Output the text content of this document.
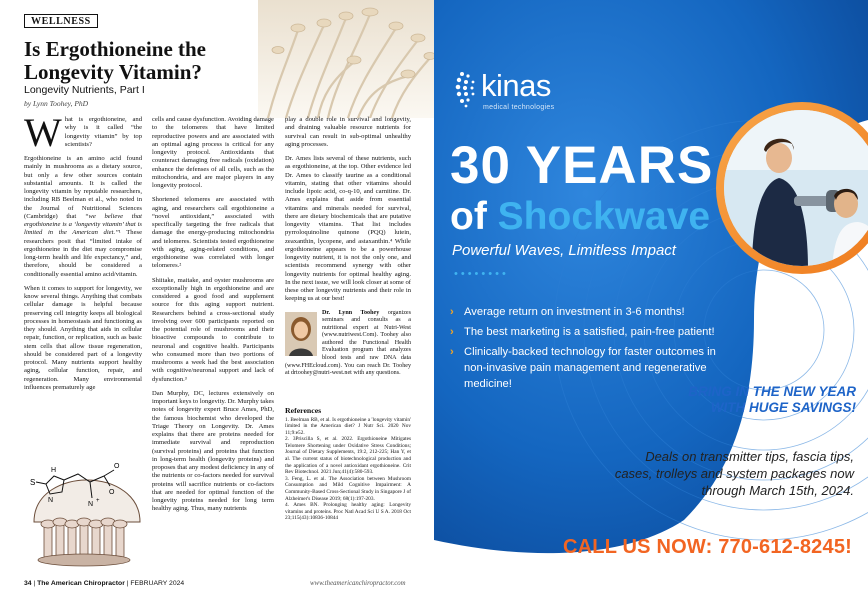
WELLNESS
Is Ergothioneine the Longevity Vitamin?
Longevity Nutrients, Part I
by Lynn Toohey, PhD

What is ergothioneine, and why is it called “the longevity vitamin” by top scientists?

Ergothioneine is an amino acid found mainly in mushrooms as a dietary source, but only a few other sources contain substantial amounts. It is called the longevity vitamin by reputable researchers, including RB Beelman et al., who noted in the Journal of Nutritional Sciences (Cambridge) that “we believe that ergothioneine is a ‘longevity vitamin’ that is limited in the American diet.”¹ These researchers posit that “limited intake of ergothioneine in the diet may compromise long-term health and life expectancy,” and, therefore, should be considered a conditionally essential amino acid/vitamin.

When it comes to support for longevity, we know several things. Anything that combats cellular damage is helpful because preserving cell integrity keeps all biological processes in homeostasis and functioning as they should. Anything that aids in cellular repair, function, or replication, such as basic stem cells that allow tissue regeneration, should be considered part of a longevity protocol. Many nutrients support healthy aging, cellular function, repair, and regeneration. Many environmental influences prematurely age

cells and cause dysfunction. Avoiding damage to the telomeres that have limited reproductive powers and are associated with an optimal aging process is critical for any longevity protocol. Antioxidants that counteract damaging free radicals (oxidation) enhance the defenses of all cells, such as the mitochondria, and are major players in any longevity protocol.

Shortened telomeres are associated with aging, and researchers call ergothioneine a “novel antioxidant,” associated with specifically targeting the free radicals that damage the energy-producing mitochondria and telomeres. Scientists tested ergothioneine with aging, aging-related conditions, and ergothioneine was correlated with longer telomeres.²

Shiitake, maitake, and oyster mushrooms are exceptionally high in ergothioneine and are considered a good food and supplement source for this aging support nutrient. Researchers behind a cross-sectional study involving over 600 participants reported on the potential role of mushrooms and their bioactive compounds to contribute to neuronal and cognitive health. Participants who consumed more than two portions of mushrooms a week had the best association with cognitive/neuronal support and lack of dysfunction.³

Dan Murphy, DC, lectures extensively on important keys to longevity. Dr. Murphy takes notes of longevity expert Bruce Ames, PhD, the famous biochemist who developed the Triage Theory on Longevity. Dr. Ames explains that there are proteins needed for immediate survival and reproduction (survival proteins) and proteins that function in long-term health (longevity proteins) and proposes that any modest deficiency in any of the nutrients or co-factors needed for survival proteins will sacrifice nutrients or co-factors that are needed for optimal function of the longevity proteins needed for long term healthy aging. Thus, many nutrients

play a double role in survival and longevity, and draining valuable resource nutrients for survival can result in sub-optimal unhealthy aging processes.

Dr. Ames lists several of these nutrients, such as ergothioneine, at the top. Other evidence led Dr. Ames to classify taurine as a conditional vitamin, stating that other vitamins should include lipoic acid, co-q-10, and carnitine. Dr. Ames explains that aside from essential vitamins and minerals needed for survival, there are dietary biochemicals that are putative longevity vitamins. That list includes pyrroloquinoline quinone (PQQ) lutein, zeaxanthin, lycopene, and astaxanthin.⁴ While ergothioneine appears to be a powerhouse longevity nutrient, it is not the only one, and scientists recommend synergy with other longevity nutrients for optimal healthy aging. In the next issue, we will look closer at some of these other longevity nutrients and their role in keeping us at our best!

Dr. Lynn Toohey organizes seminars and consults as a nutritional expert at Nutri-West (www.nutriwest.Com). Toohey also authored the Functional Health Evaluation program that analyzes blood tests and raw DNA data (www.FHEcloud.com). You can reach Dr. Toohey at drtoohey@nutri-west.net with any questions.
References
1. Beelman RB, et al. Is ergothioneine a 'longevity vitamin' limited in the American diet? J Nutr Sci. 2020 Nov 11;9:e52.
2. 3Priscilla S, et al. 2022. Ergothioneine Mitigates Telomere Shortening under Oxidative Stress Conditions; Journal of Dietary Supplements, 19:2, 212-225; Han Y, et al. The current status of biotechnological production and the application of a novel antioxidant ergothioneine. Crit Rev Biotechnol. 2021 Jun;41(4):580-593.
3. Feng, L. et al. The Association between Mushroom Consumption and Mild Cognitive Impairment: A Community-Based Cross-Sectional Study in Singapore J of Alzheimer's Disease 2019; 68(1):197-203.
4. Ames BN. Prolonging healthy aging: Longevity vitamins and proteins. Proc Natl Acad Sci U S A. 2018 Oct 23;115(43):10836-10844
S
H
N
O
O
N +
34 | The American Chiropractor | FEBRUARY 2024	www.theamericanchiropractor.com
kinas
medical technologies
30 YEARS
of Shockwave
Powerful Waves, Limitless Impact
••••••••
› Average return on investment in 3-6 months!
› The best marketing is a satisfied, pain-free patient!
› Clinically-backed technology for faster outcomes in non-invasive pain management and regenerative medicine!	BRING IN THE NEW YEAR WITH HUGE SAVINGS!
Deals on transmitter tips, fascia tips, cases, trolleys and system packages now through March 15th, 2024.
CALL US NOW: 770-612-8245!
